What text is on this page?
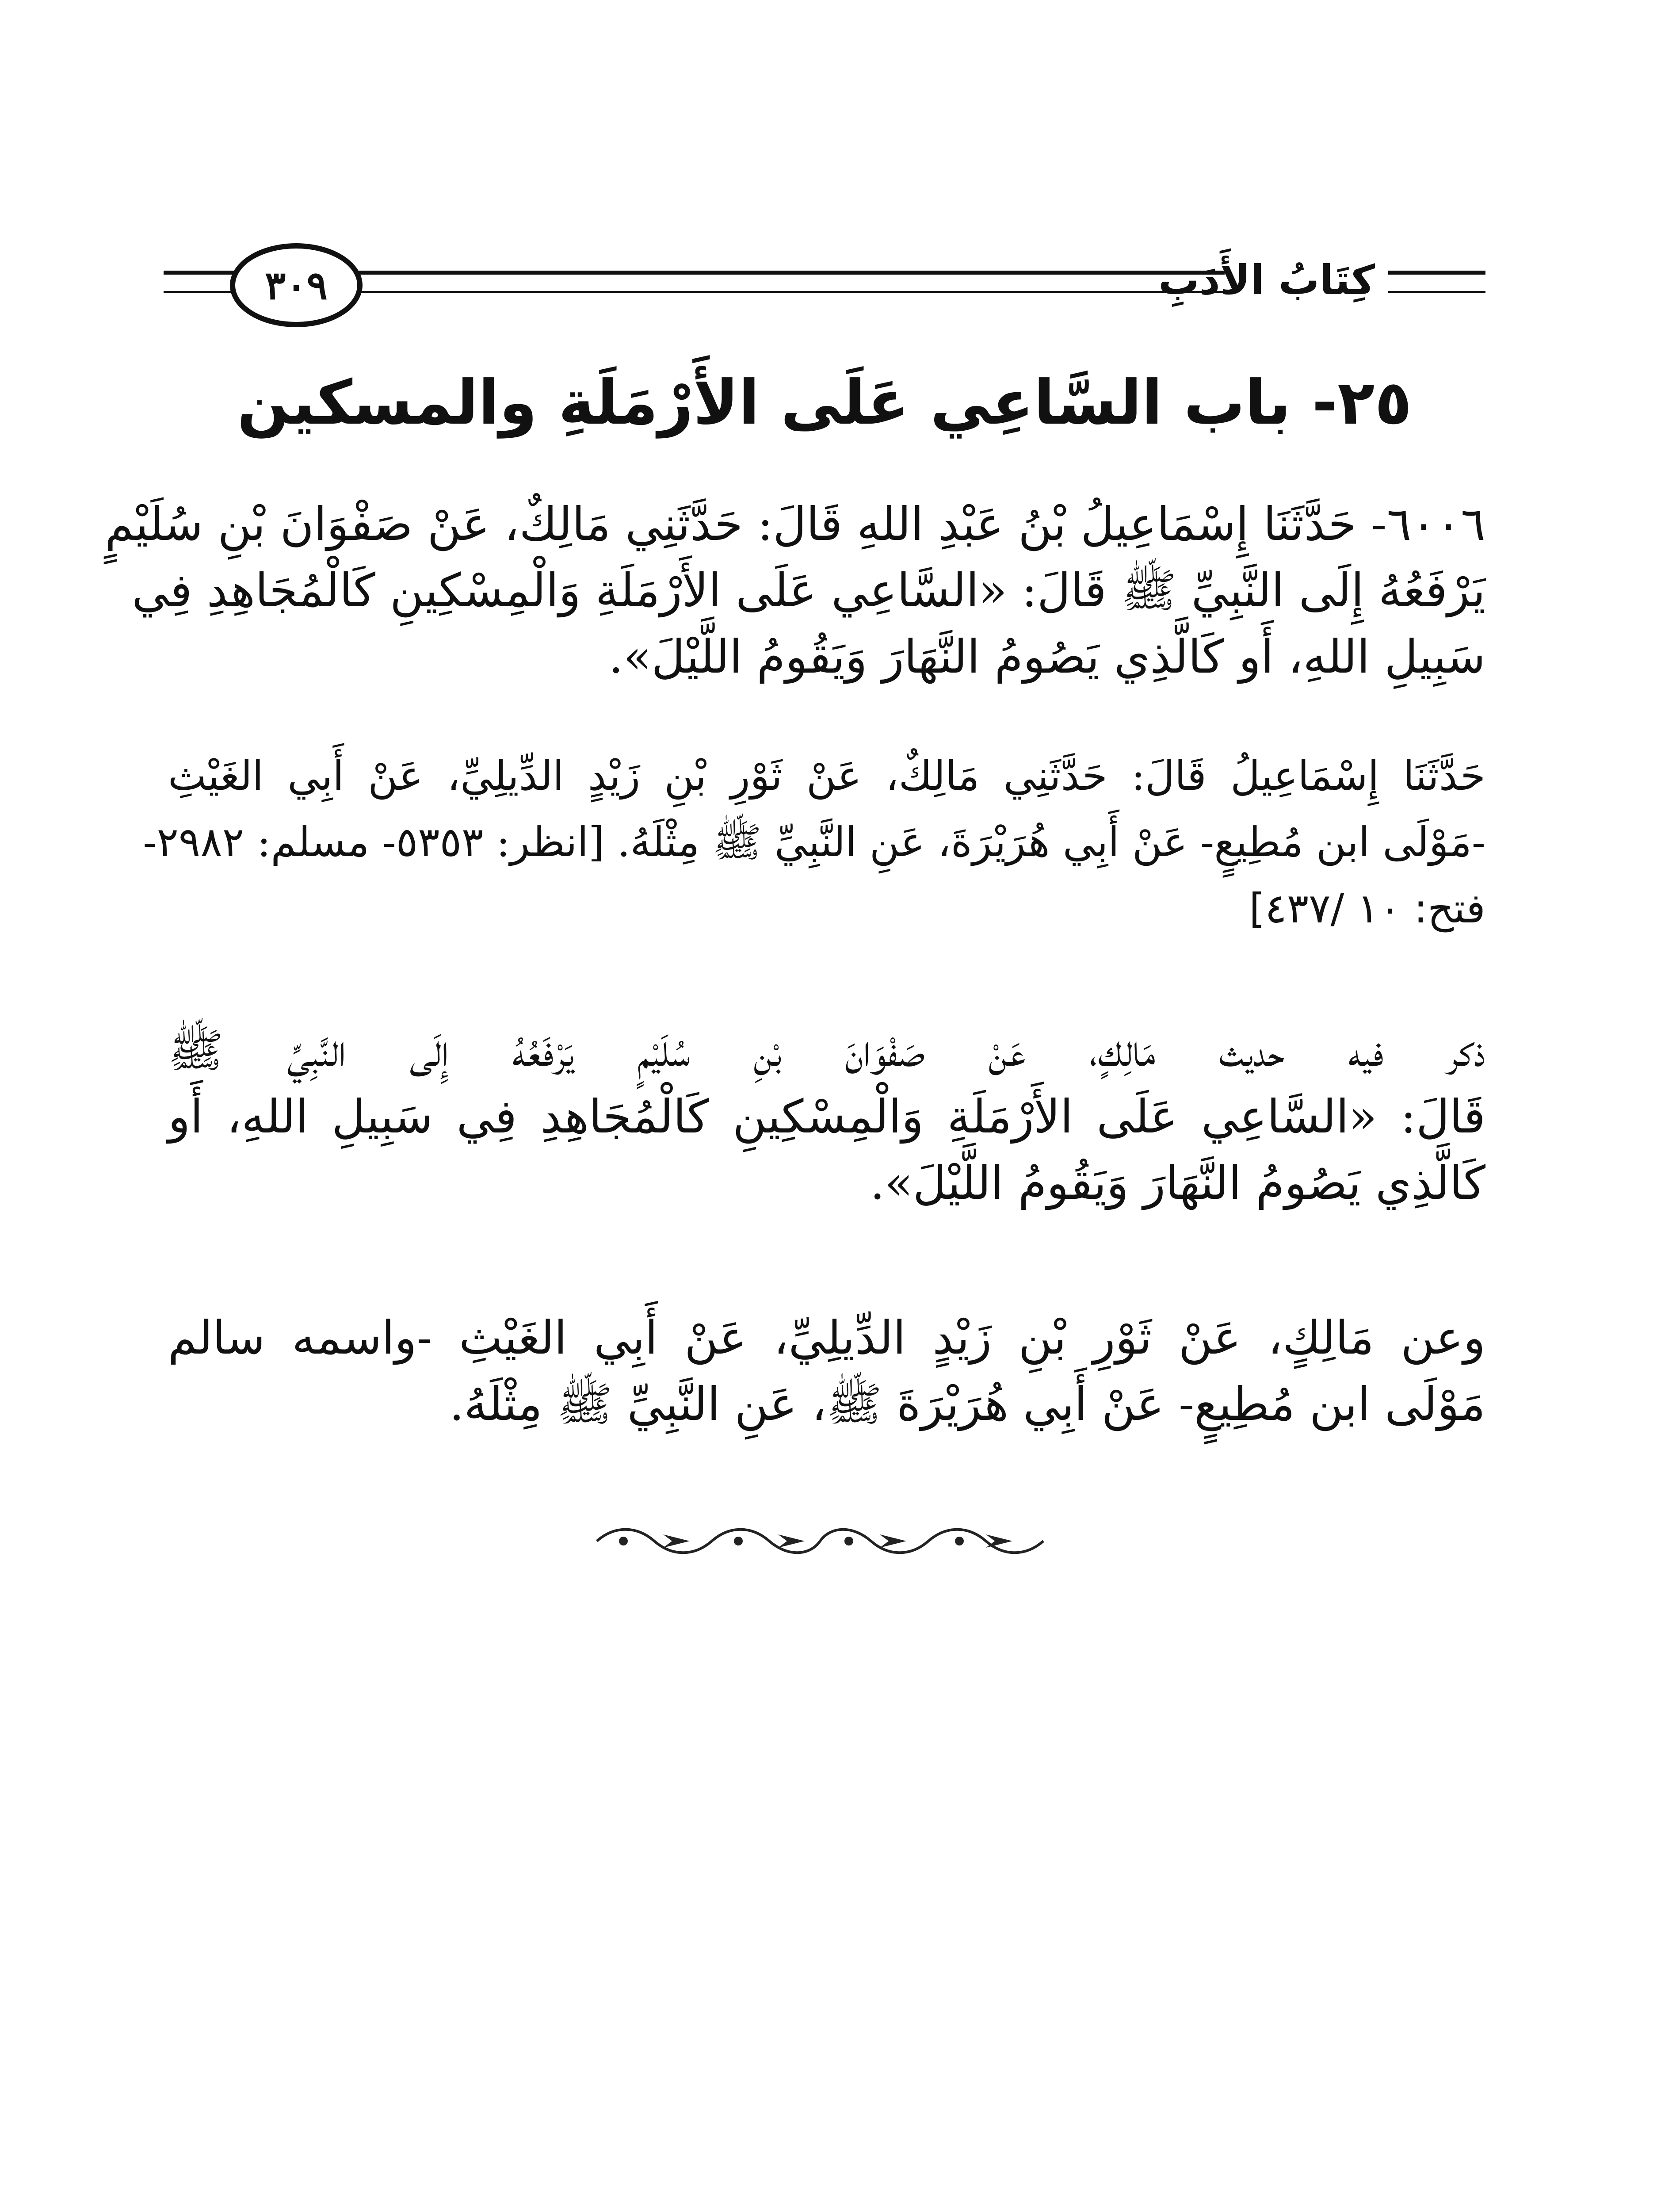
٣٠٩	كِتَابُ الأَدَبِ
٢٥- باب السَّاعِي عَلَى الأَرْمَلَةِ والمسكين
٦٠٠٦- حَدَّثَنَا إِسْمَاعِيلُ بْنُ عَبْدِ اللهِ قَالَ: حَدَّثَنِي مَالِكٌ، عَنْ صَفْوَانَ بْنِ سُلَيْمٍ
يَرْفَعُهُ إِلَى النَّبِيِّ ﷺ قَالَ: «السَّاعِي عَلَى الأَرْمَلَةِ وَالْمِسْكِينِ كَالْمُجَاهِدِ فِي
سَبِيلِ اللهِ، أَو كَالَّذِي يَصُومُ النَّهَارَ وَيَقُومُ اللَّيْلَ».
حَدَّثَنَا إِسْمَاعِيلُ قَالَ: حَدَّثَنِي مَالِكٌ، عَنْ ثَوْرِ بْنِ زَيْدٍ الدِّيلِيِّ، عَنْ أَبِي الغَيْثِ
-مَوْلَى ابن مُطِيعٍ- عَنْ أَبِي هُرَيْرَةَ، عَنِ النَّبِيِّ ﷺ مِثْلَهُ. [انظر: ٥٣٥٣- مسلم: ٢٩٨٢-
فتح: ١٠ /٤٣٧]
ذكر فيه حديث مَالِكٍ، عَنْ صَفْوَانَ بْنِ سُلَيْمٍ يَرْفَعُهُ إِلَى النَّبِيِّ ﷺ
قَالَ: «السَّاعِي عَلَى الأَرْمَلَةِ وَالْمِسْكِينِ كَالْمُجَاهِدِ فِي سَبِيلِ اللهِ، أَو
كَالَّذِي يَصُومُ النَّهَارَ وَيَقُومُ اللَّيْلَ».
وعن مَالِكٍ، عَنْ ثَوْرِ بْنِ زَيْدٍ الدِّيلِيِّ، عَنْ أَبِي الغَيْثِ -واسمه سالم
مَوْلَى ابن مُطِيعٍ- عَنْ أَبِي هُرَيْرَةَ ﷺ، عَنِ النَّبِيِّ ﷺ مِثْلَهُ.
